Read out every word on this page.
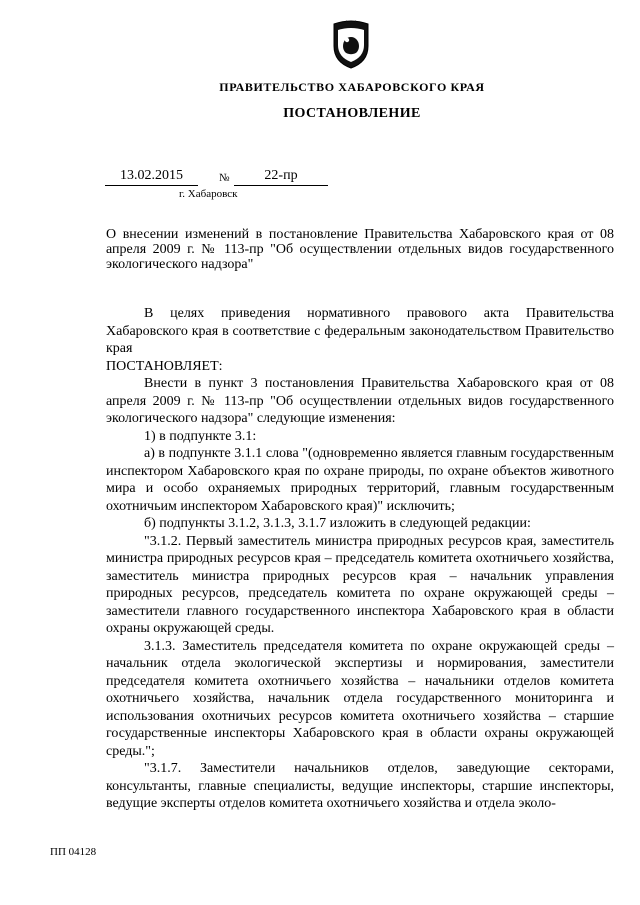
ПРАВИТЕЛЬСТВО ХАБАРОВСКОГО КРАЯ
ПОСТАНОВЛЕНИЕ
13.02.2015	№	22-пр
г. Хабаровск
О внесении изменений в постановление Правительства Хабаровского края от 08 апреля 2009 г. № 113-пр "Об осуществлении отдельных видов государственного экологического надзора"

В целях приведения нормативного правового акта Правительства Хабаровского края в соответствие с федеральным законодательством Правительство края

ПОСТАНОВЛЯЕТ:

Внести в пункт 3 постановления Правительства Хабаровского края от 08 апреля 2009 г. № 113-пр "Об осуществлении отдельных видов государственного экологического надзора" следующие изменения:

1) в подпункте 3.1:

а) в подпункте 3.1.1 слова "(одновременно является главным государственным инспектором Хабаровского края по охране природы, по охране объектов животного мира и особо охраняемых природных территорий, главным государственным охотничьим инспектором Хабаровского края)" исключить;

б) подпункты 3.1.2, 3.1.3, 3.1.7 изложить в следующей редакции:

"3.1.2. Первый заместитель министра природных ресурсов края, заместитель министра природных ресурсов края – председатель комитета охотничьего хозяйства, заместитель министра природных ресурсов края – начальник управления природных ресурсов, председатель комитета по охране окружающей среды – заместители главного государственного инспектора Хабаровского края в области охраны окружающей среды.

3.1.3. Заместитель председателя комитета по охране окружающей среды – начальник отдела экологической экспертизы и нормирования, заместители председателя комитета охотничьего хозяйства – начальники отделов комитета охотничьего хозяйства, начальник отдела государственного мониторинга и использования охотничьих ресурсов комитета охотничьего хозяйства – старшие государственные инспекторы Хабаровского края в области охраны окружающей среды.";

"3.1.7. Заместители начальников отделов, заведующие секторами, консультанты, главные специалисты, ведущие инспекторы, старшие инспекторы, ведущие эксперты отделов комитета охотничьего хозяйства и отдела эколо-

ПП 04128
